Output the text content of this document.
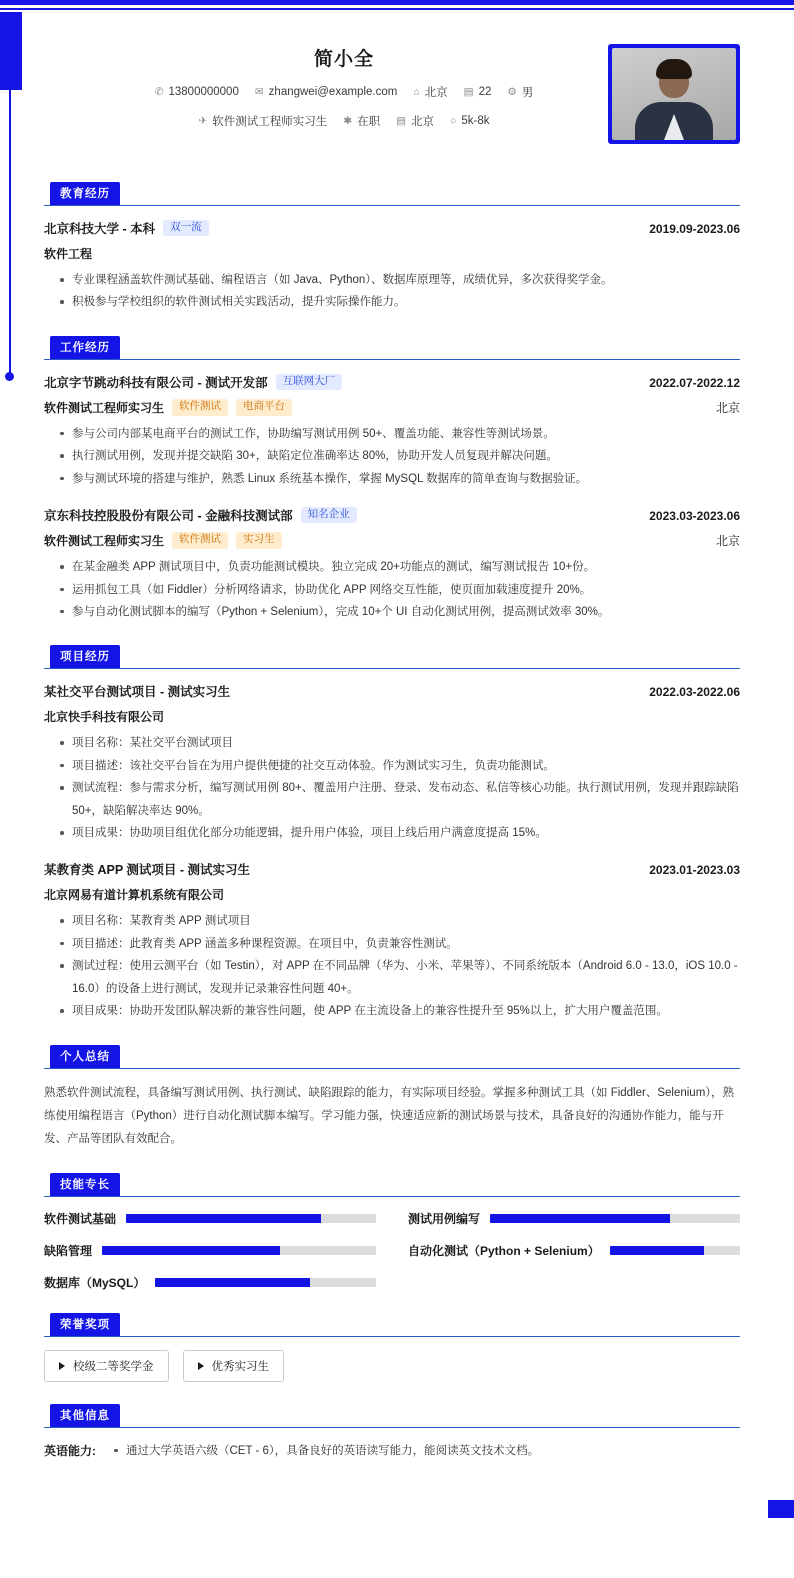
简小全
✆ 13800000000 ✉ zhangwei@example.com ⌂ 北京 ▤ 22 ⚙ 男
✈ 软件测试工程师实习生 ✱ 在职 ▤ 北京 ○ 5k-8k
教育经历
北京科技大学 - 本科	双一流	2019.09-2023.06
软件工程
专业课程涵盖软件测试基础、编程语言（如 Java、Python）、数据库原理等，成绩优异，多次获得奖学金。
积极参与学校组织的软件测试相关实践活动，提升实际操作能力。
工作经历
北京字节跳动科技有限公司 - 测试开发部	互联网大厂	2022.07-2022.12
软件测试工程师实习生	软件测试	电商平台	北京
参与公司内部某电商平台的测试工作，协助编写测试用例 50+、覆盖功能、兼容性等测试场景。
执行测试用例，发现并提交缺陷 30+，缺陷定位准确率达 80%，协助开发人员复现并解决问题。
参与测试环境的搭建与维护，熟悉 Linux 系统基本操作，掌握 MySQL 数据库的简单查询与数据验证。
京东科技控股股份有限公司 - 金融科技测试部	知名企业	2023.03-2023.06
软件测试工程师实习生	软件测试	实习生	北京
在某金融类 APP 测试项目中，负责功能测试模块。独立完成 20+功能点的测试，编写测试报告 10+份。
运用抓包工具（如 Fiddler）分析网络请求，协助优化 APP 网络交互性能，使页面加载速度提升 20%。
参与自动化测试脚本的编写（Python + Selenium），完成 10+个 UI 自动化测试用例，提高测试效率 30%。
项目经历
某社交平台测试项目 - 测试实习生	2022.03-2022.06
北京快手科技有限公司
项目名称：某社交平台测试项目
项目描述：该社交平台旨在为用户提供便捷的社交互动体验。作为测试实习生，负责功能测试。
测试流程：参与需求分析，编写测试用例 80+、覆盖用户注册、登录、发布动态、私信等核心功能。执行测试用例，发现并跟踪缺陷 50+，缺陷解决率达 90%。
项目成果：协助项目组优化部分功能逻辑，提升用户体验，项目上线后用户满意度提高 15%。
某教育类 APP 测试项目 - 测试实习生	2023.01-2023.03
北京网易有道计算机系统有限公司
项目名称：某教育类 APP 测试项目
项目描述：此教育类 APP 涵盖多种课程资源。在项目中，负责兼容性测试。
测试过程：使用云测平台（如 Testin），对 APP 在不同品牌（华为、小米、苹果等）、不同系统版本（Android 6.0 - 13.0，iOS 10.0 - 16.0）的设备上进行测试，发现并记录兼容性问题 40+。
项目成果：协助开发团队解决新的兼容性问题，使 APP 在主流设备上的兼容性提升至 95%以上，扩大用户覆盖范围。
个人总结
熟悉软件测试流程，具备编写测试用例、执行测试、缺陷跟踪的能力，有实际项目经验。掌握多种测试工具（如 Fiddler、Selenium），熟练使用编程语言（Python）进行自动化测试脚本编写。学习能力强，快速适应新的测试场景与技术，具备良好的沟通协作能力，能与开发、产品等团队有效配合。
技能专长
软件测试基础	测试用例编写
缺陷管理	自动化测试（Python + Selenium）
数据库（MySQL）
荣誉奖项
校级二等奖学金	优秀实习生
其他信息
英语能力:	通过大学英语六级（CET - 6），具备良好的英语读写能力，能阅读英文技术文档。
